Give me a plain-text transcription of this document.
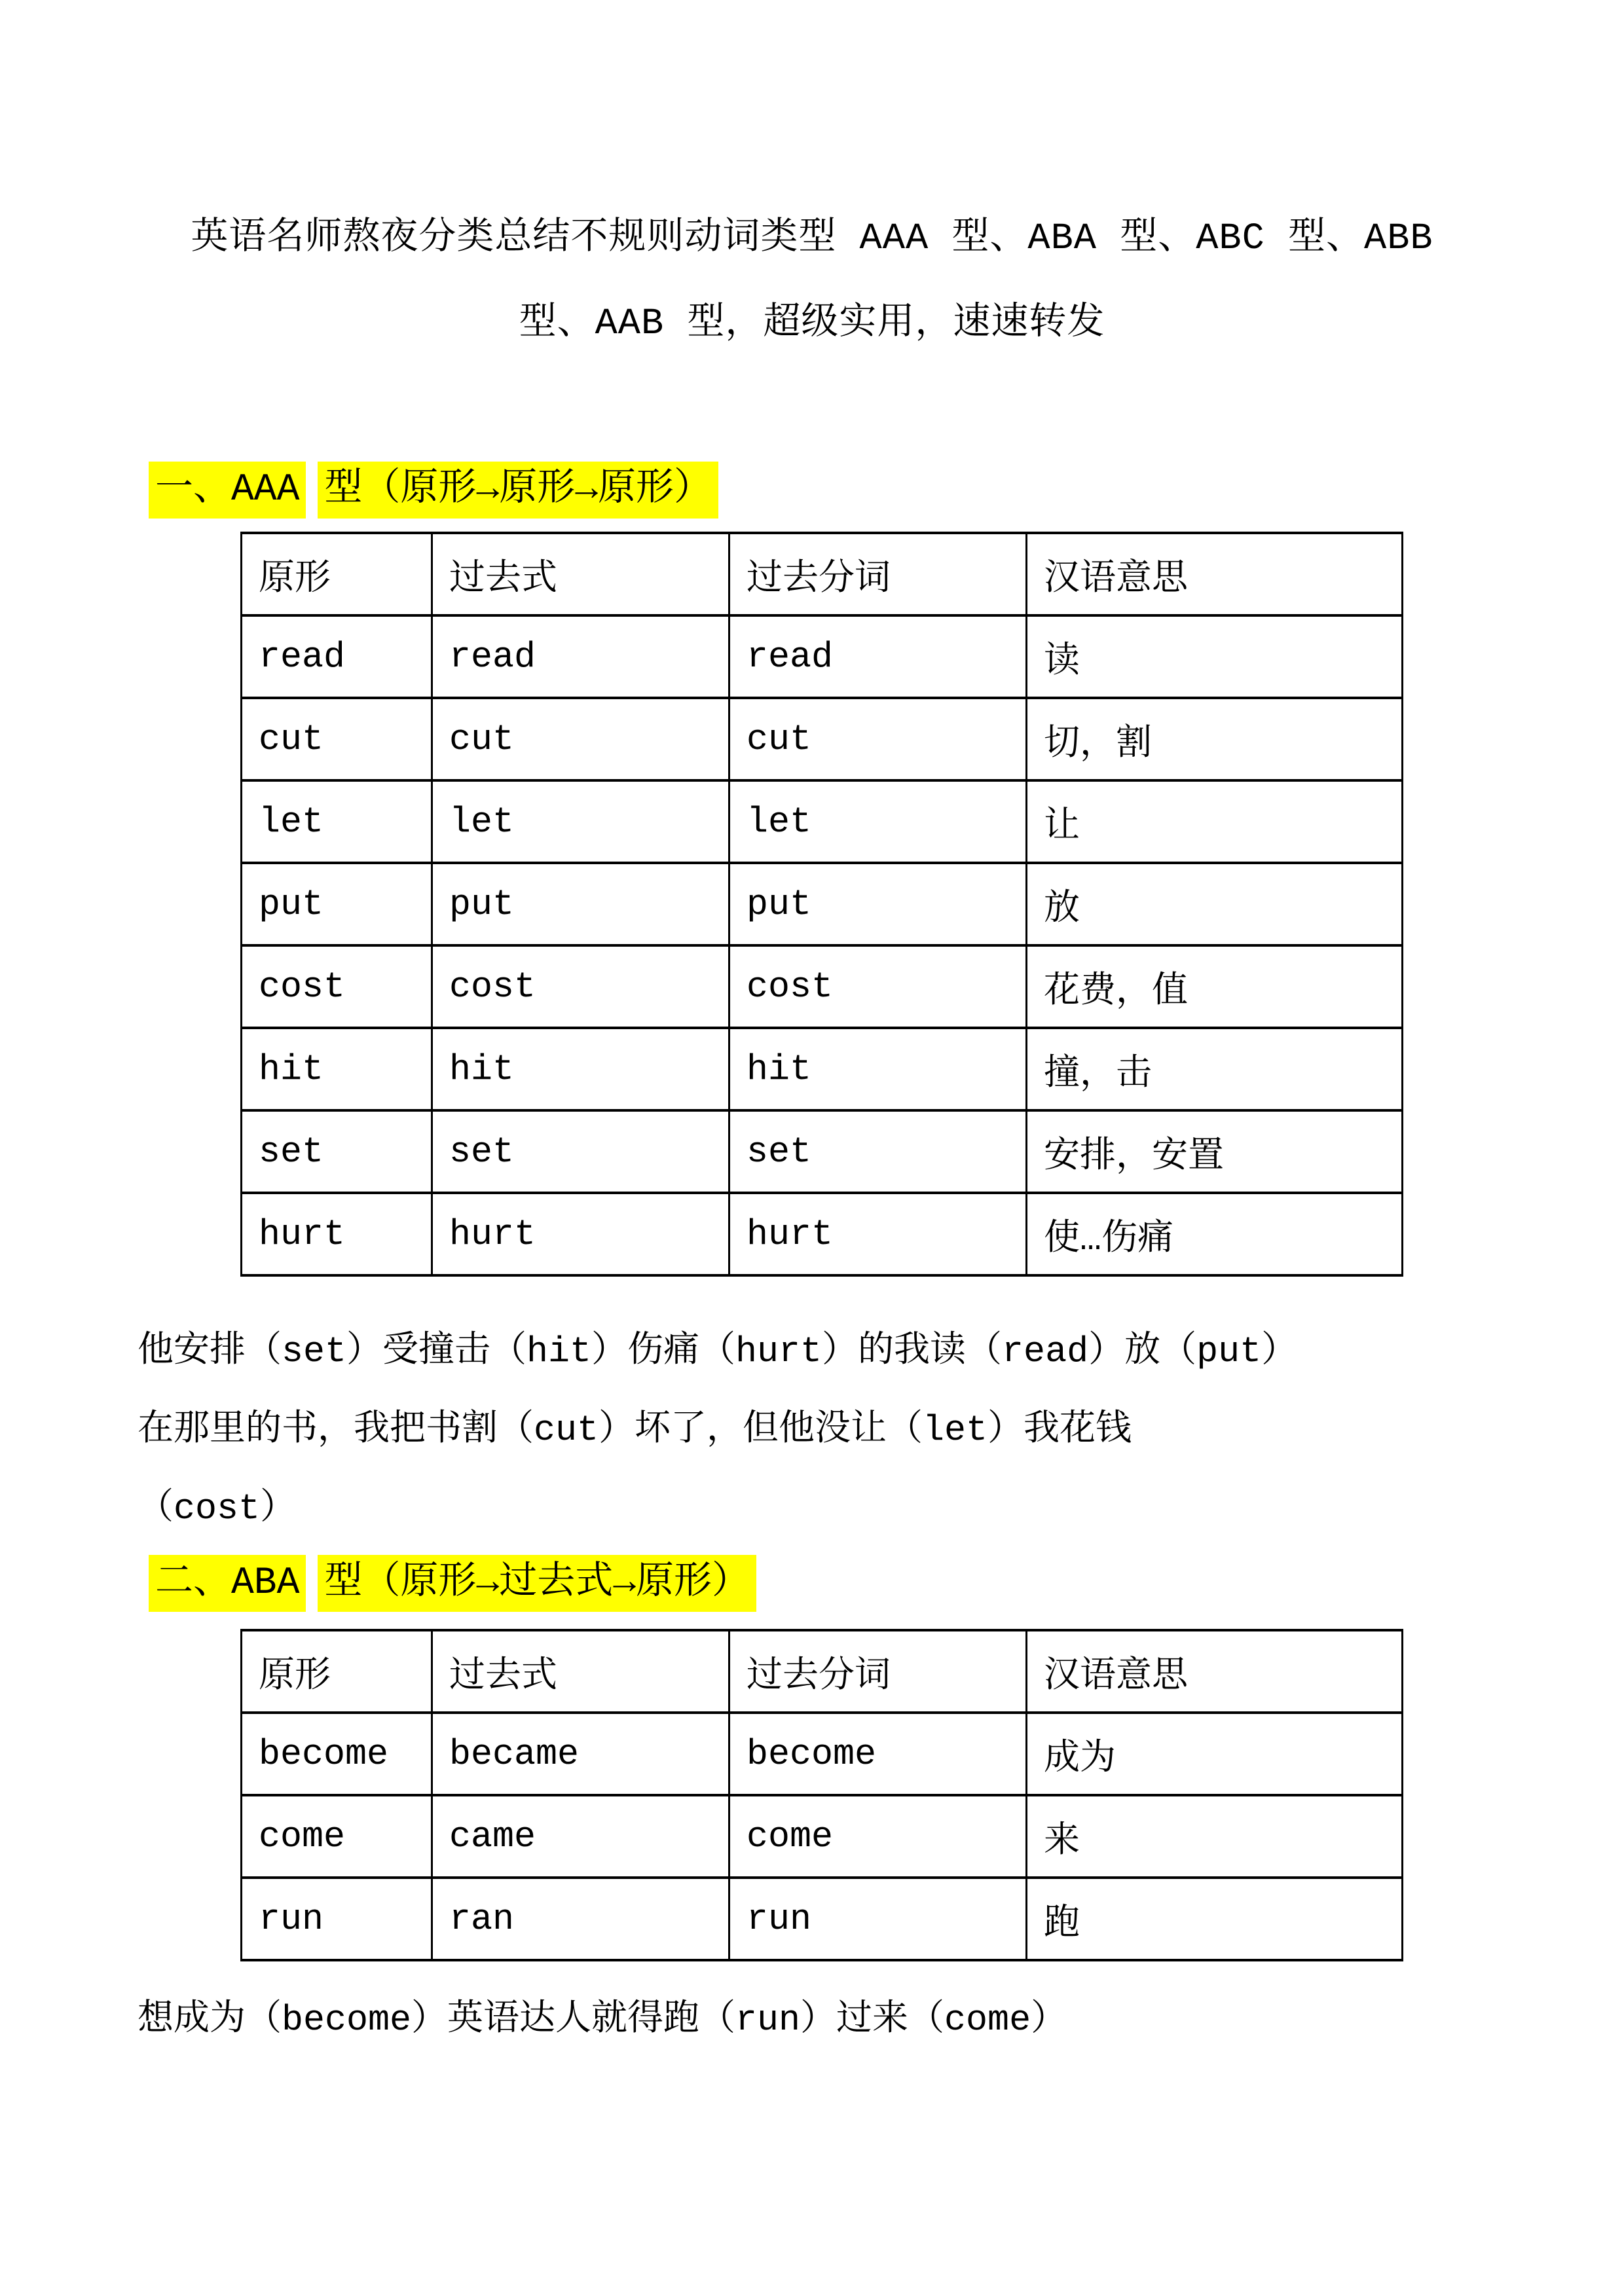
英语名师熬夜分类总结不规则动词类型 AAA 型、ABA 型、ABC 型、ABB
型、AAB 型，超级实用，速速转发
一、AAA 型（原形→原形→原形）
原形	过去式	过去分词	汉语意思
read	read	read	读
cut	cut	cut	切，割
let	let	let	让
put	put	put	放
cost	cost	cost	花费，值
hit	hit	hit	撞，击
set	set	set	安排，安置
hurt	hurt	hurt	使…伤痛
他安排（set）受撞击（hit）伤痛（hurt）的我读（read）放（put）
在那里的书，我把书割（cut）坏了，但他没让（let）我花钱
（cost）
二、ABA 型（原形→过去式→原形）
原形	过去式	过去分词	汉语意思
become	became	become	成为
come	came	come	来
run	ran	run	跑
想成为（become）英语达人就得跑（run）过来（come）
